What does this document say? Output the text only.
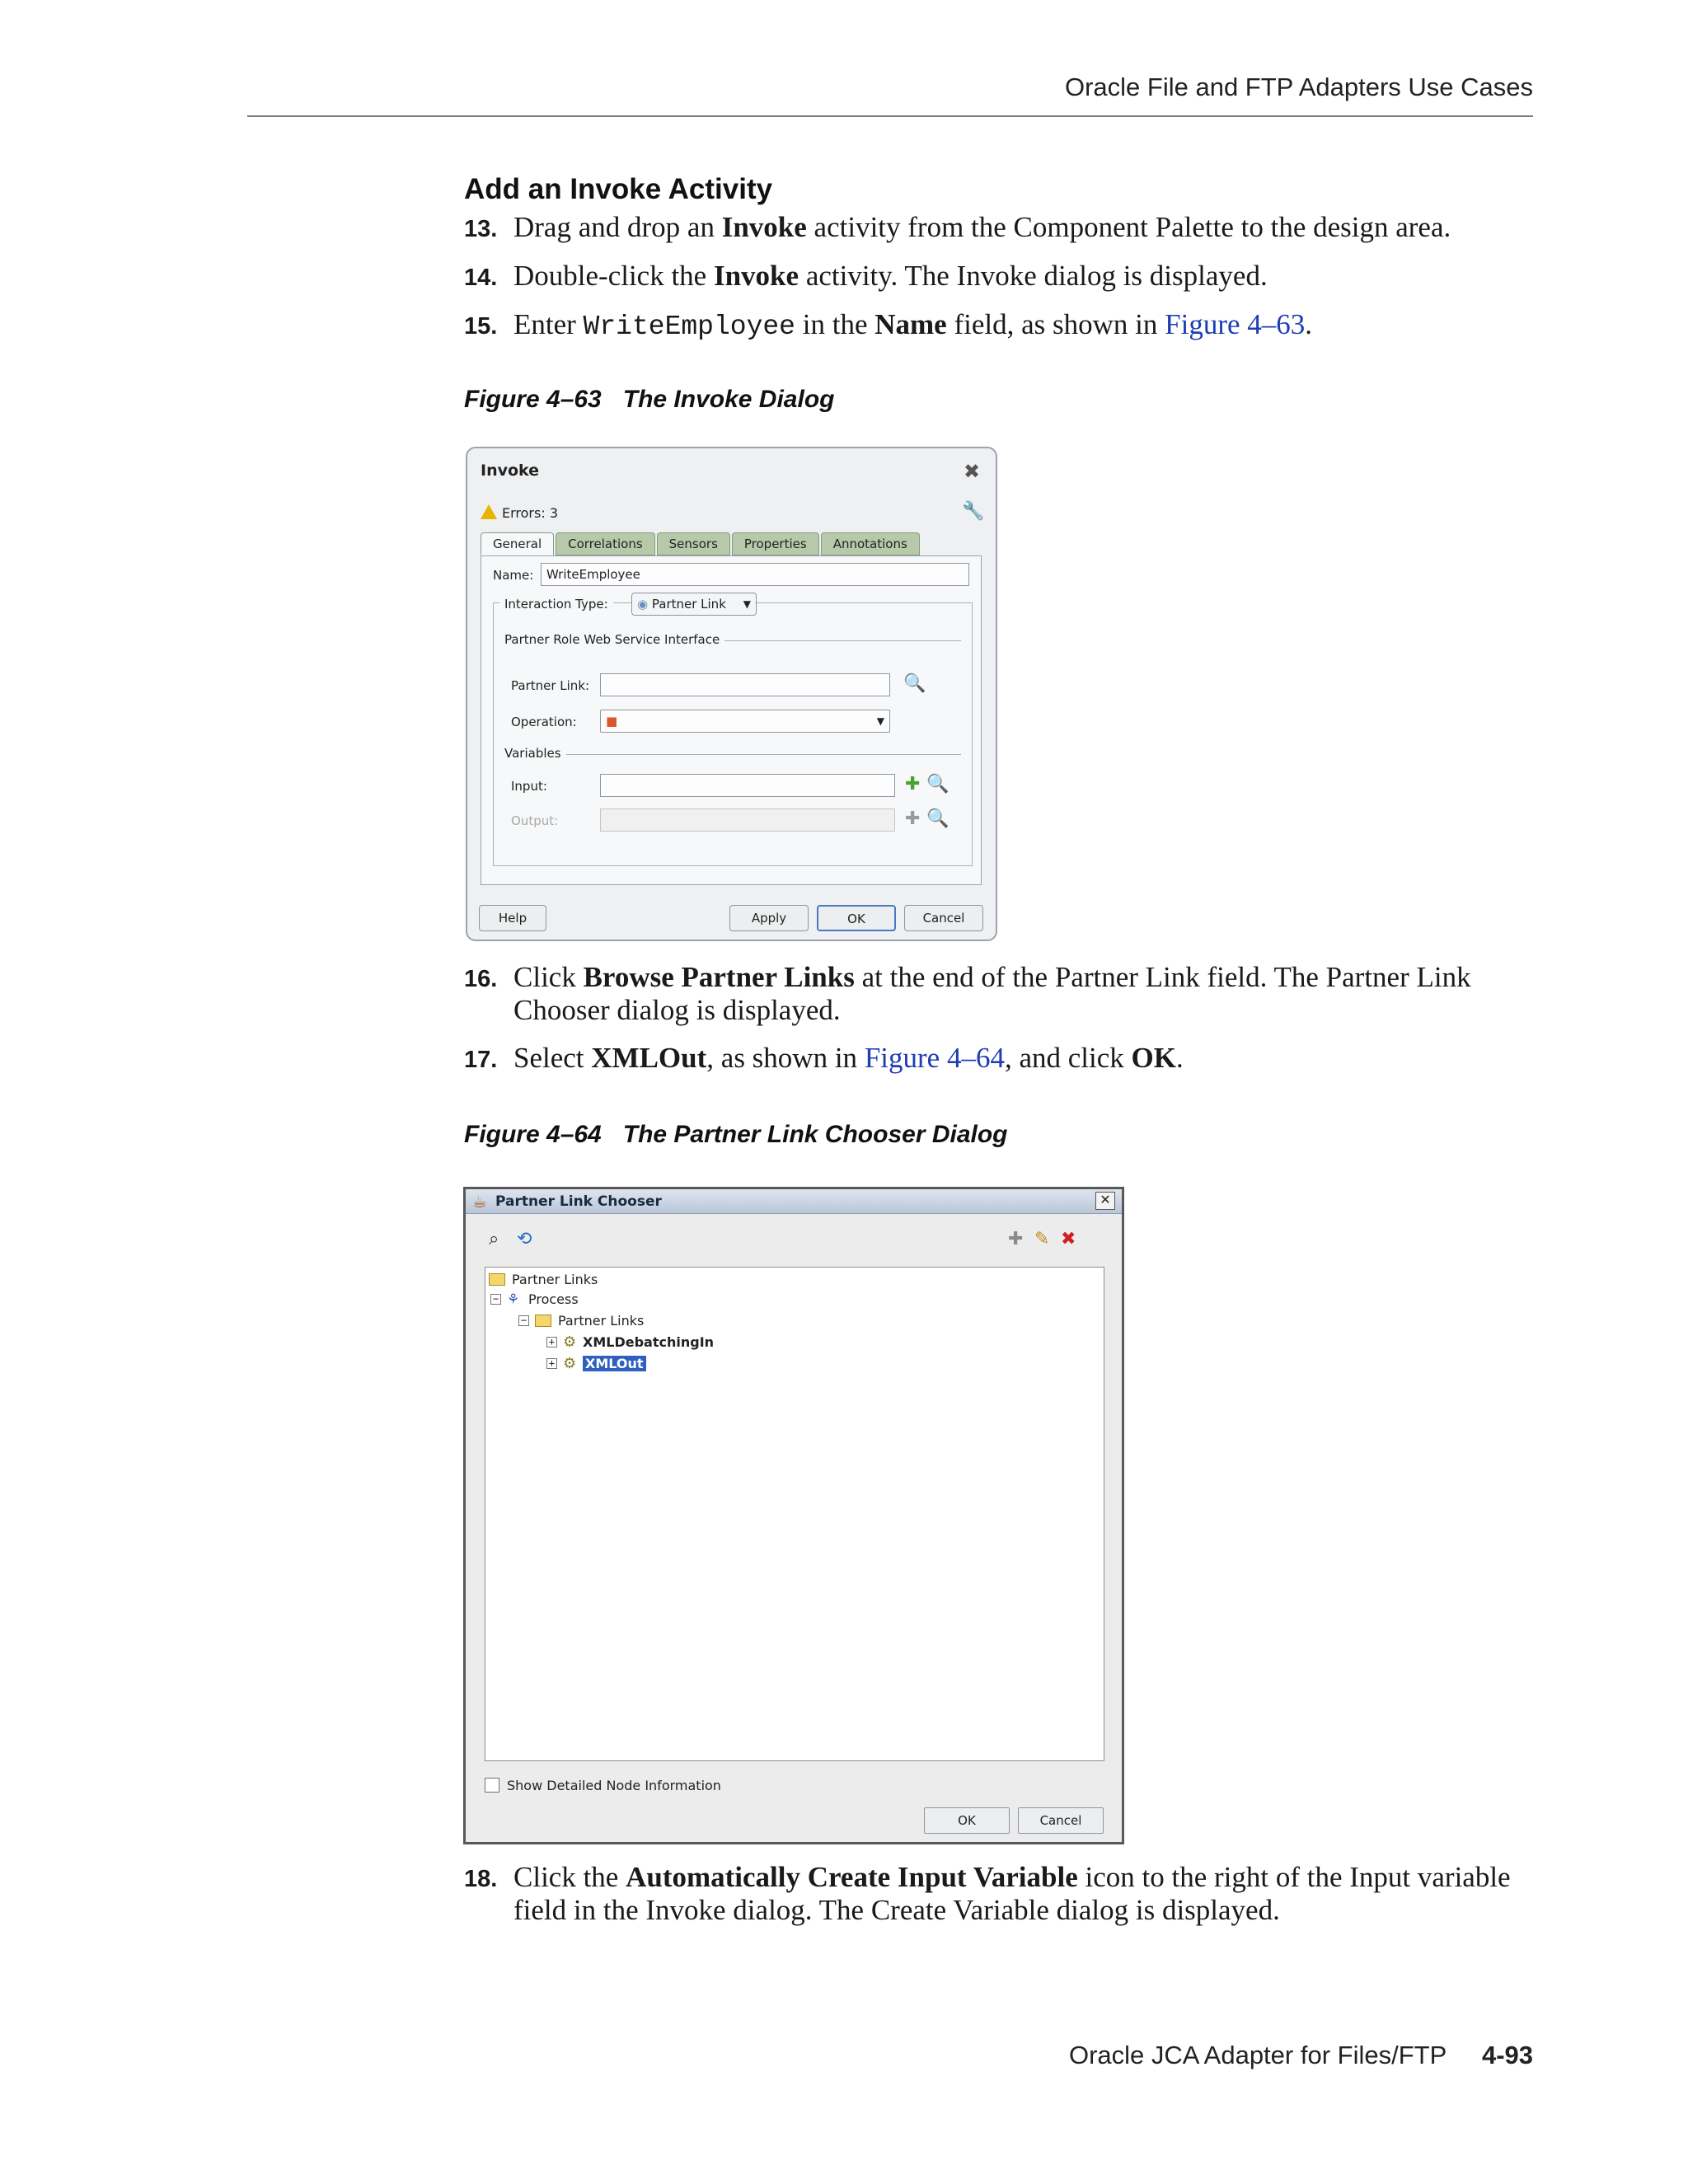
Oracle File and FTP Adapters Use Cases
Add an Invoke Activity
13. Drag and drop an Invoke activity from the Component Palette to the design area.
14. Double-click the Invoke activity. The Invoke dialog is displayed.
15. Enter WriteEmployee in the Name field, as shown in Figure 4–63.
Figure 4–63 The Invoke Dialog
Invoke	✖
Errors: 3	🔧
General	Correlations	Sensors	Properties	Annotations
Name:	WriteEmployee
Interaction Type:	◉ Partner Link ▼
Partner Role Web Service Interface
Partner Link:	🔍
Operation:	■	▼
Variables
Input:	✚ 🔍
Output:	✚ 🔍
Help	Apply	OK	Cancel
16. Click Browse Partner Links at the end of the Partner Link field. The Partner Link Chooser dialog is displayed.
17. Select XMLOut, as shown in Figure 4–64, and click OK.
Figure 4–64 The Partner Link Chooser Dialog
☕ Partner Link Chooser	✕
⌕ ⟲	✚ ✎ ✖
Partner Links
− ⚘ Process
−	Partner Links
+ ⚙ XMLDebatchingIn
+ ⚙ XMLOut
Show Detailed Node Information
OK	Cancel
18. Click the Automatically Create Input Variable icon to the right of the Input variable field in the Invoke dialog. The Create Variable dialog is displayed.
Oracle JCA Adapter for Files/FTP 4-93
